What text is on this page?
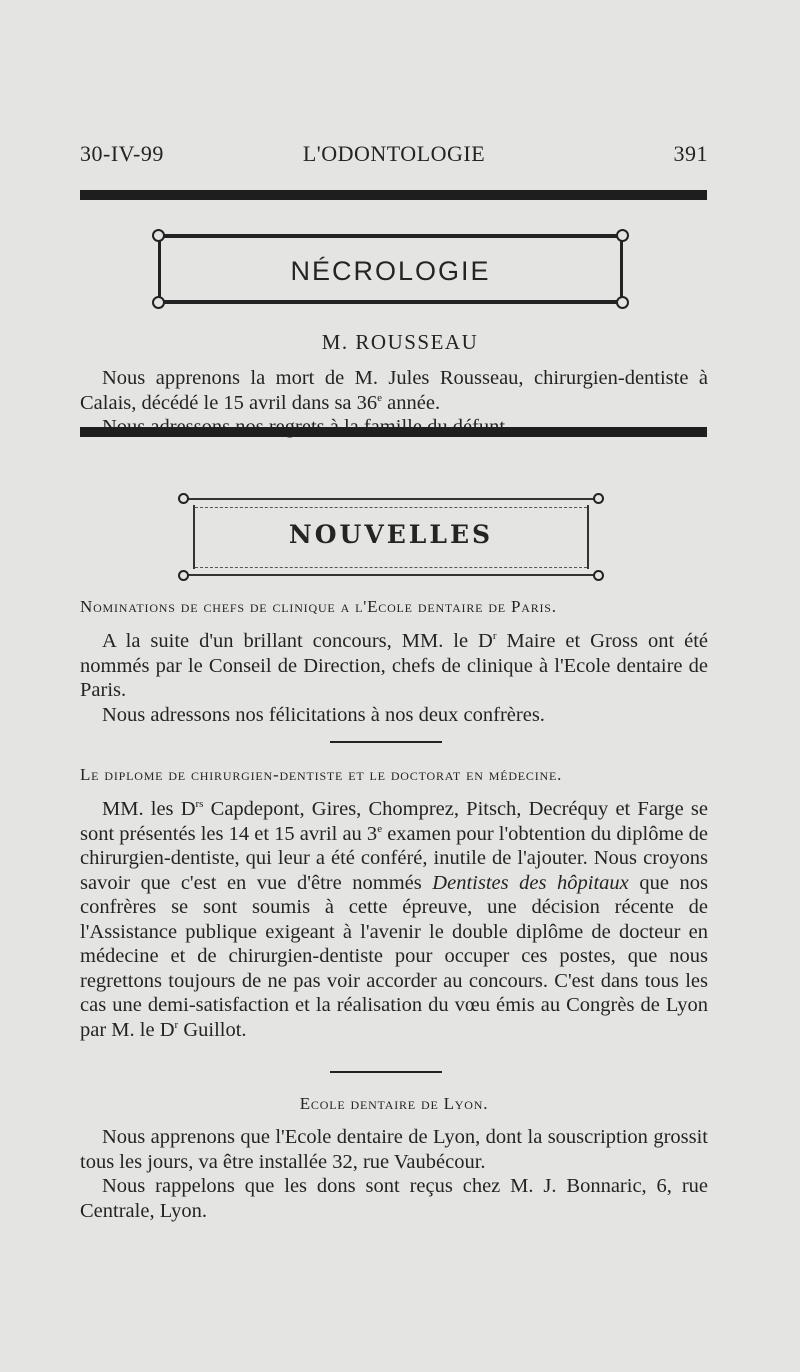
30-IV-99	L'ODONTOLOGIE	391
NÉCROLOGIE
M. ROUSSEAU

Nous apprenons la mort de M. Jules Rousseau, chirurgien-dentiste à Calais, décédé le 15 avril dans sa 36e année.

NOUVELLES
Nominations de chefs de clinique a l'Ecole dentaire de Paris.

A la suite d'un brillant concours, MM. le $D^r$ Maire et Gross ont été nommés par le Conseil de Direction, chefs de clinique à l'Ecole dentaire de Paris.

Nous adressons nos félicitations à nos deux confrères.

Le diplome de chirurgien-dentiste et le doctorat en médecine.

MM. les $D^{rs}$ Capdepont, Gires, Chomprez, Pitsch, Decréquy et Farge se sont présentés les 14 et 15 avril au 3e examen pour l'obtention du diplôme de chirurgien-dentiste, qui leur a été conféré, inutile de l'ajouter. Nous croyons savoir que c'est en vue d'être nommés Dentistes des hôpitaux que nos confrères se sont soumis à cette épreuve, une décision récente de l'Assistance publique exigeant à l'avenir le double diplôme de docteur en médecine et de chirurgien-dentiste pour occuper ces postes, que nous regrettons toujours de ne pas voir accorder au concours. C'est dans tous les cas une demi-satisfaction et la réalisation du vœu émis au Congrès de Lyon par M. le $D^r$ Guillot.

Ecole dentaire de Lyon.

Nous apprenons que l'Ecole dentaire de Lyon, dont la souscription grossit tous les jours, va être installée 32, rue Vaubécour.

Nous rappelons que les dons sont reçus chez M. J. Bonnaric, 6, rue Centrale, Lyon.
